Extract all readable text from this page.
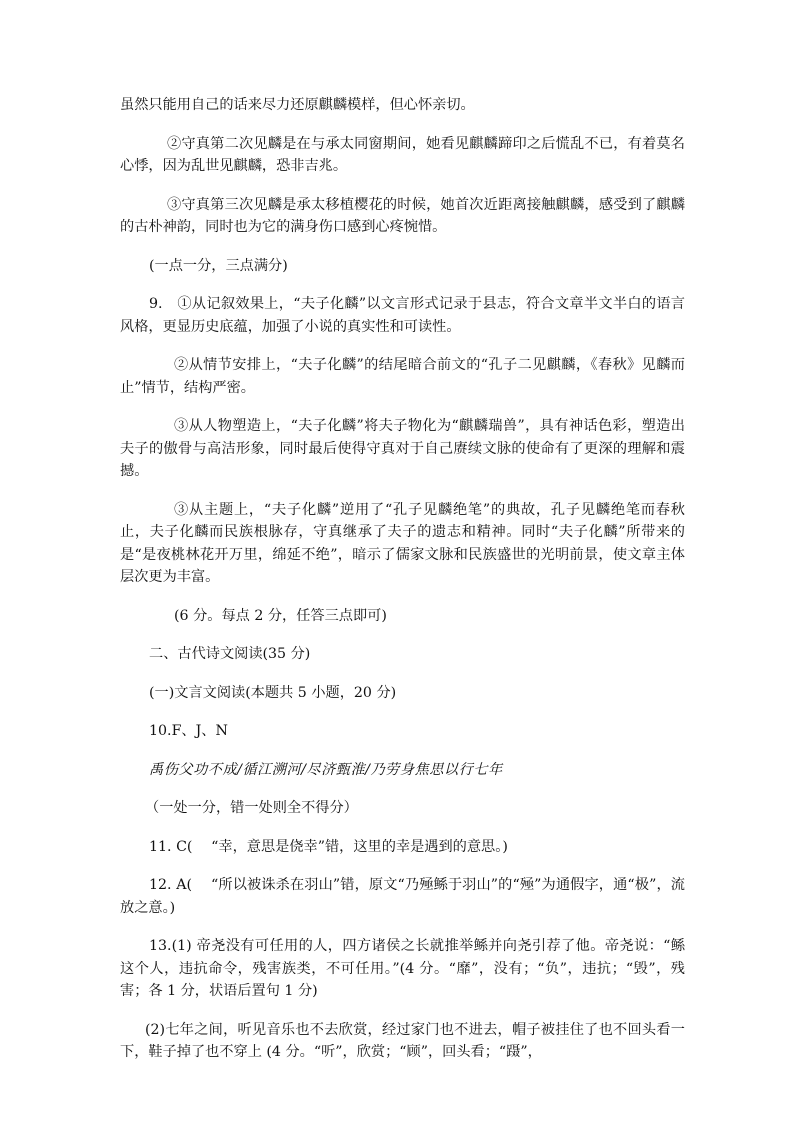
虽然只能用自己的话来尽力还原麒麟模样，但心怀亲切。

②守真第二次见麟是在与承太同窗期间，她看见麒麟蹄印之后慌乱不已，有着莫名心悸，因为乱世见麒麟，恐非吉兆。

③守真第三次见麟是承太移植樱花的时候，她首次近距离接触麒麟，感受到了麒麟的古朴神韵，同时也为它的满身伤口感到心疼惋惜。

(一点一分，三点满分)

9.　①从记叙效果上，“夫子化麟”以文言形式记录于县志，符合文章半文半白的语言风格，更显历史底蕴，加强了小说的真实性和可读性。

②从情节安排上，“夫子化麟”的结尾暗合前文的“孔子二见麒麟，《春秋》见麟而止”情节，结构严密。

③从人物塑造上，“夫子化麟”将夫子物化为“麒麟瑞兽”，具有神话色彩，塑造出夫子的傲骨与高洁形象，同时最后使得守真对于自己赓续文脉的使命有了更深的理解和震撼。

③从主题上，“夫子化麟”逆用了“孔子见麟绝笔”的典故，孔子见麟绝笔而春秋止，夫子化麟而民族根脉存，守真继承了夫子的遗志和精神。同时“夫子化麟”所带来的是“是夜桃林花开万里，绵延不绝”，暗示了儒家文脉和民族盛世的光明前景，使文章主体层次更为丰富。

(6 分。每点 2 分，任答三点即可)

二、古代诗文阅读(35 分)

(一)文言文阅读(本题共 5 小题，20 分)

10.F、J、N

禹伤父功不成/循江溯河/尽济甄淮/乃劳身焦思以行七年

（一处一分，错一处则全不得分）

11. C(　 “幸，意思是侥幸”错，这里的幸是遇到的意思。)

12. A(　 “所以被诛杀在羽山”错，原文“乃殛鲧于羽山”的“殛”为通假字，通“极”，流放之意。)

13.(1) 帝尧没有可任用的人，四方诸侯之长就推举鲧并向尧引荐了他。帝尧说：“鲧这个人，违抗命令，残害族类，不可任用。”(4 分。“靡”，没有；“负”，违抗；“毁”，残害；各 1 分，状语后置句 1 分)

(2)七年之间，听见音乐也不去欣赏，经过家门也不进去，帽子被挂住了也不回头看一下，鞋子掉了也不穿上 (4 分。“听”，欣赏；“顾”，回头看；“蹑”，
